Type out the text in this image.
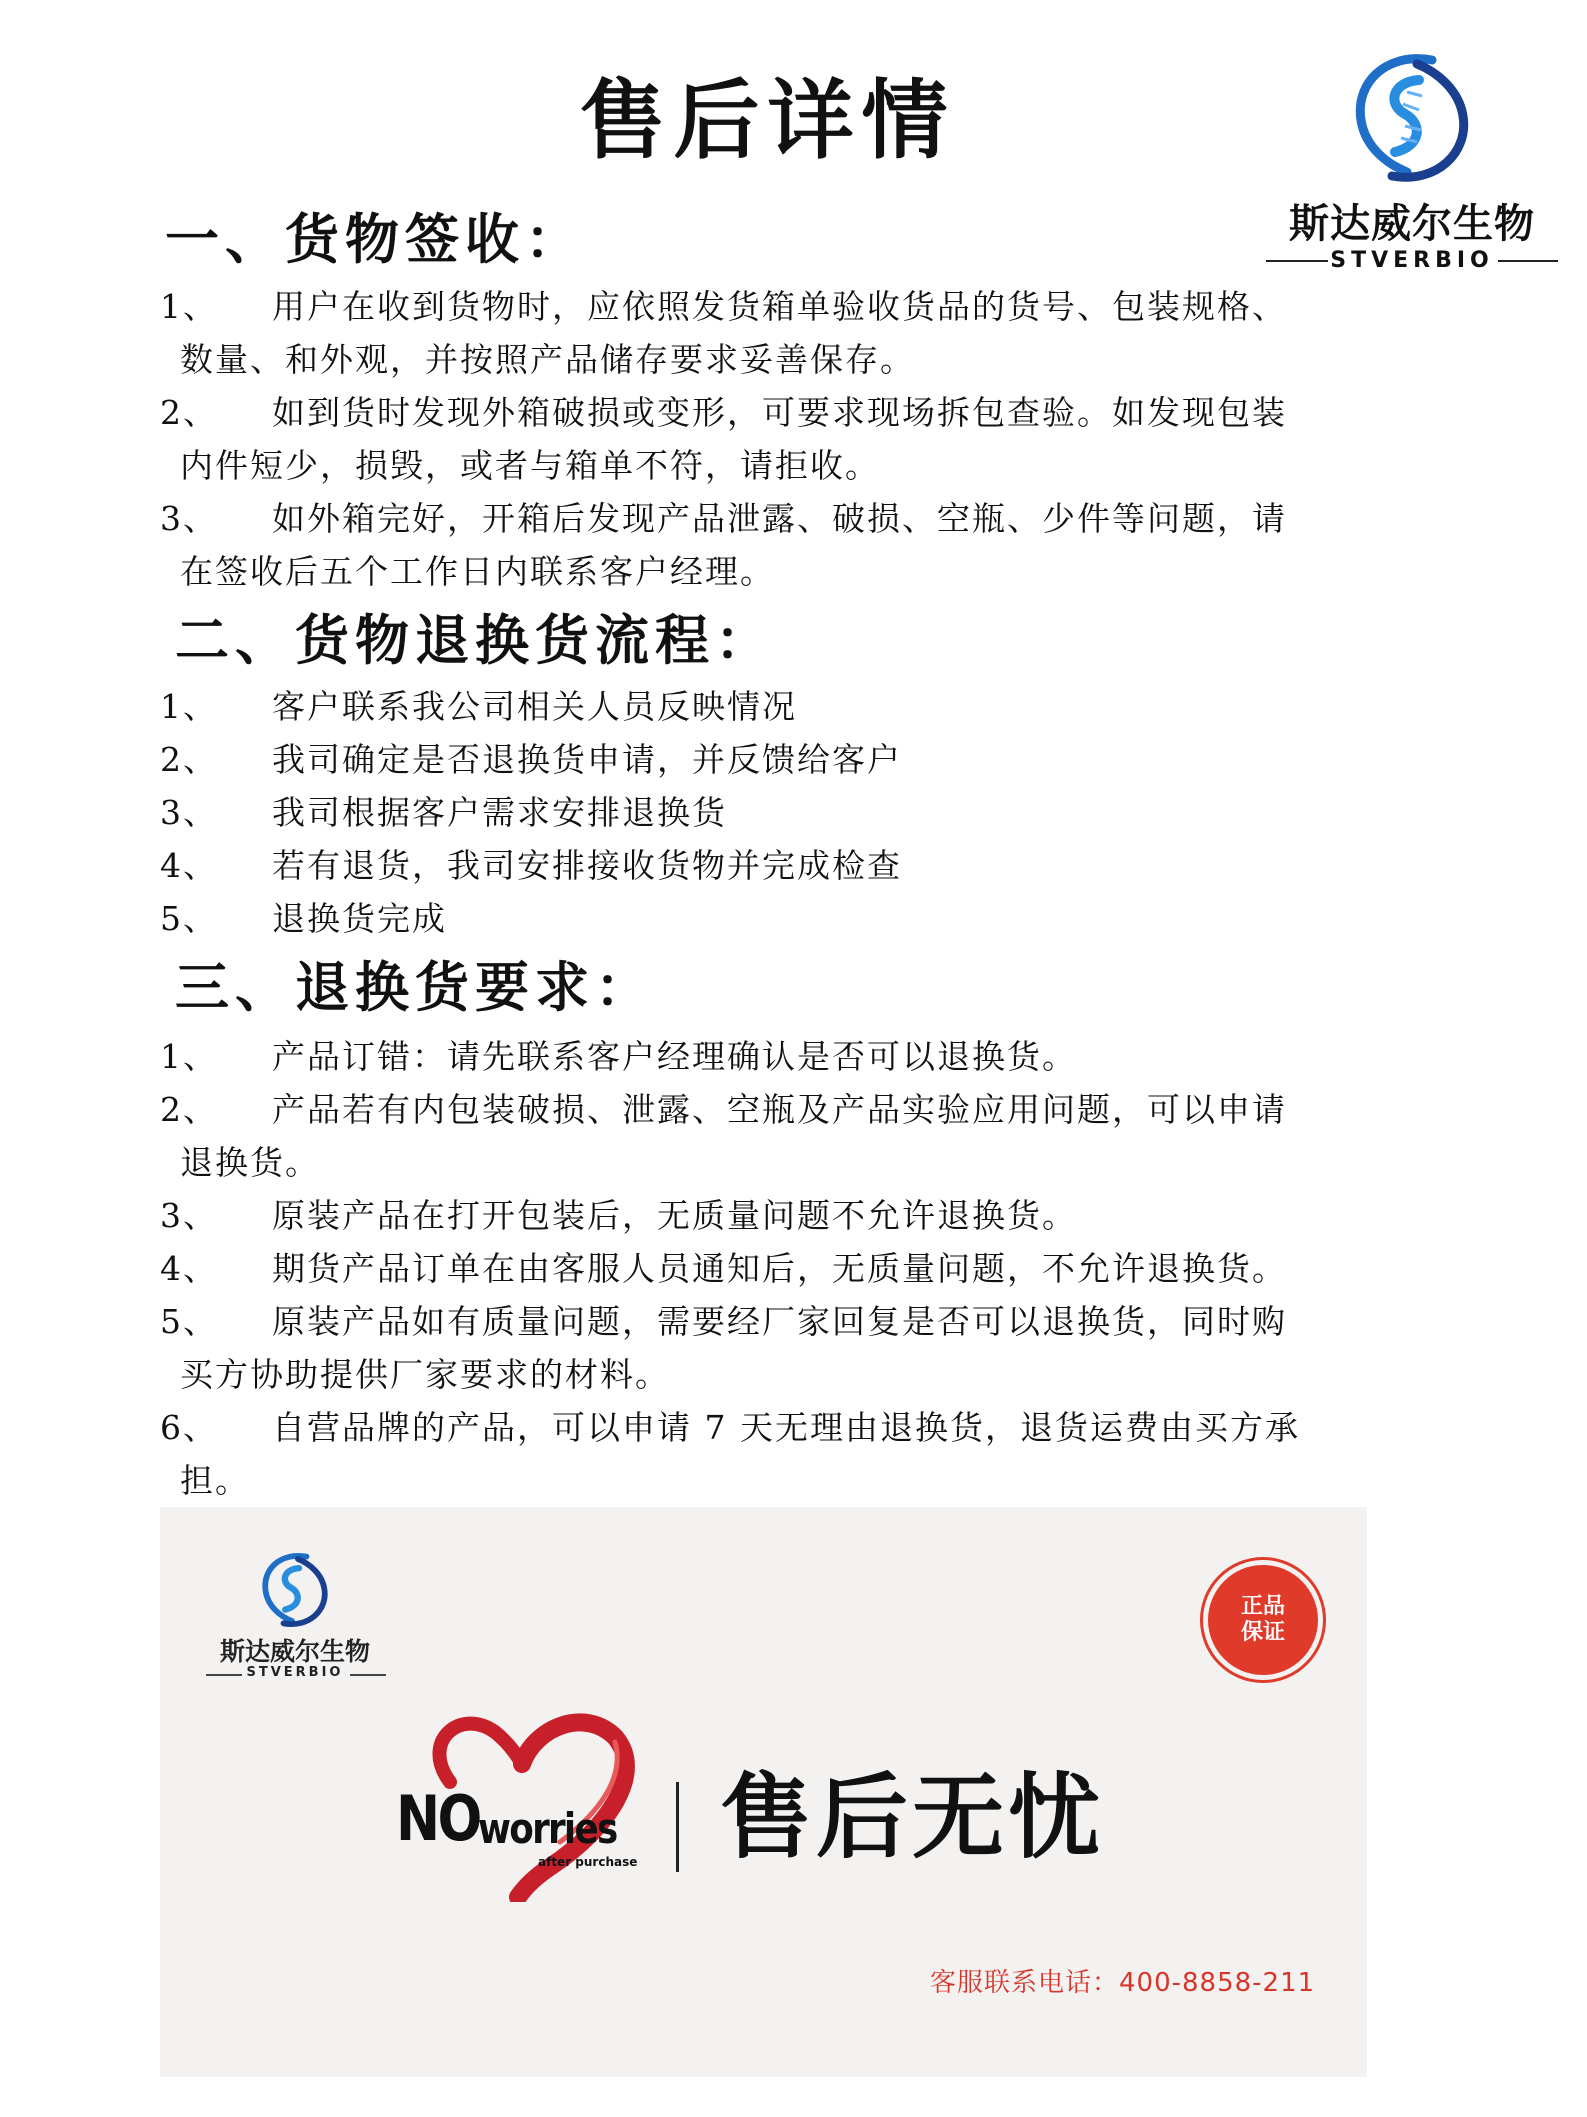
售后详情
斯达威尔生物
STVERBIO
一、货物签收：
1、	用户在收到货物时，应依照发货箱单验收货品的货号、包装规格、
数量、和外观，并按照产品储存要求妥善保存。
2、	如到货时发现外箱破损或变形，可要求现场拆包查验。如发现包装
内件短少，损毁，或者与箱单不符，请拒收。
3、	如外箱完好，开箱后发现产品泄露、破损、空瓶、少件等问题，请
在签收后五个工作日内联系客户经理。
二、货物退换货流程：
1、	客户联系我公司相关人员反映情况
2、	我司确定是否退换货申请，并反馈给客户
3、	我司根据客户需求安排退换货
4、	若有退货，我司安排接收货物并完成检查
5、	退换货完成
三、退换货要求：
1、	产品订错：请先联系客户经理确认是否可以退换货。
2、	产品若有内包装破损、泄露、空瓶及产品实验应用问题，可以申请
退换货。
3、	原装产品在打开包装后，无质量问题不允许退换货。
4、	期货产品订单在由客服人员通知后，无质量问题，不允许退换货。
5、	原装产品如有质量问题，需要经厂家回复是否可以退换货，同时购
买方协助提供厂家要求的材料。
6、	自营品牌的产品，可以申请 7 天无理由退换货，退货运费由买方承
担。
斯达威尔生物
STVERBIO
正品
保证
NO
worries
after purchase 售后无忧
客服联系电话：400-8858-211
